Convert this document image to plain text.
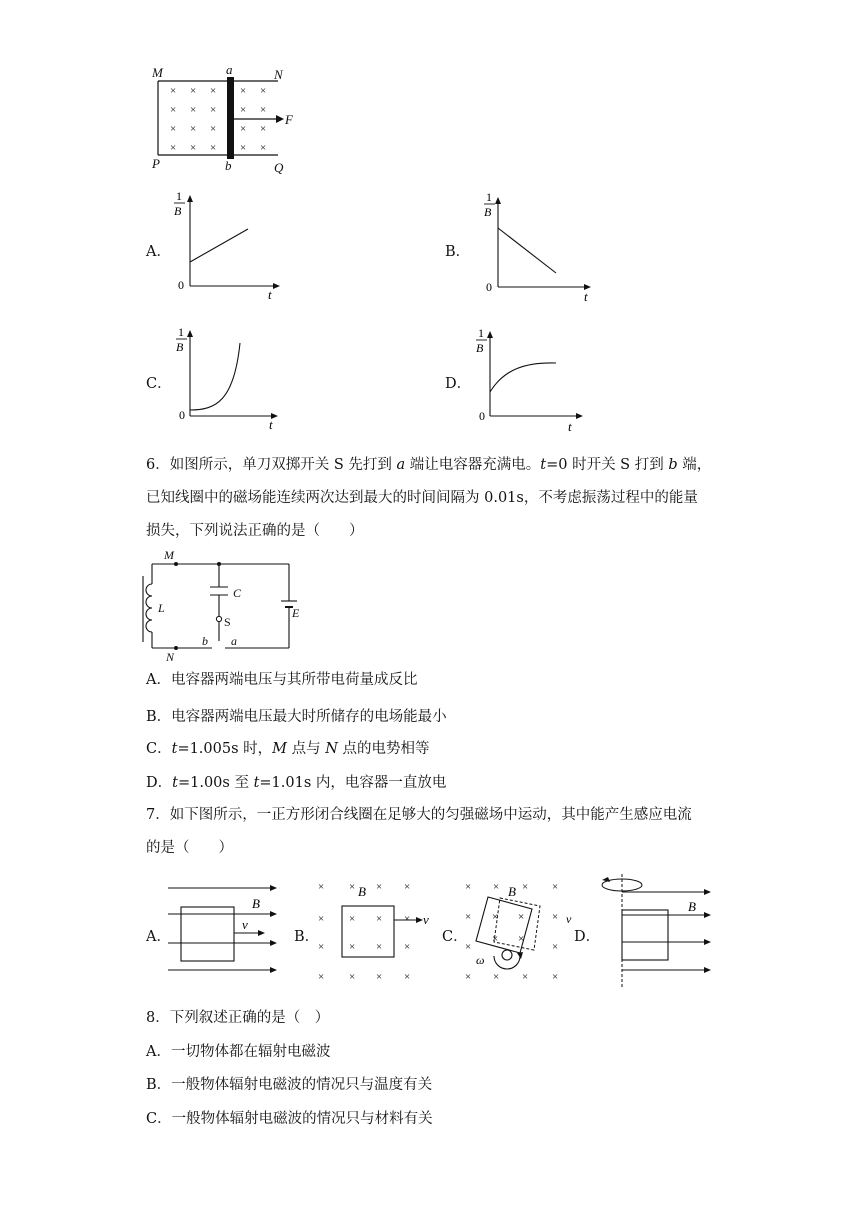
× × × × ×
× × × × ×
× × × × ×
× × × × ×
M	a	N
F
P	b	Q
A．
1
B
0
t
B．
1
B
0
t
C．
1
B
0
t
D．
1
B
0
t
6．如图所示，单刀双掷开关 S 先打到 a 端让电容器充满电。t=0 时开关 S 打到 b 端，
已知线圈中的磁场能连续两次达到最大的时间间隔为 0.01s，不考虑振荡过程中的能量
损失，下列说法正确的是（　　）
M
L
C
S
E
b a
N
A．电容器两端电压与其所带电荷量成反比
B．电容器两端电压最大时所储存的电场能最小
C．t=1.005s 时，M 点与 N 点的电势相等
D．t=1.00s 至 t=1.01s 内，电容器一直放电
7．如下图所示，一正方形闭合线圈在足够大的匀强磁场中运动，其中能产生感应电流
的是（　　）
A．
B
v
B．
× × × ×
× × × ×
× × × ×
× × × ×
B
v
C．
× × × ×
×	×
×	×
× × × ×
B
× ×
× ×
v
ω
D．
B
8．下列叙述正确的是（　）
A．一切物体都在辐射电磁波
B．一般物体辐射电磁波的情况只与温度有关
C．一般物体辐射电磁波的情况只与材料有关
